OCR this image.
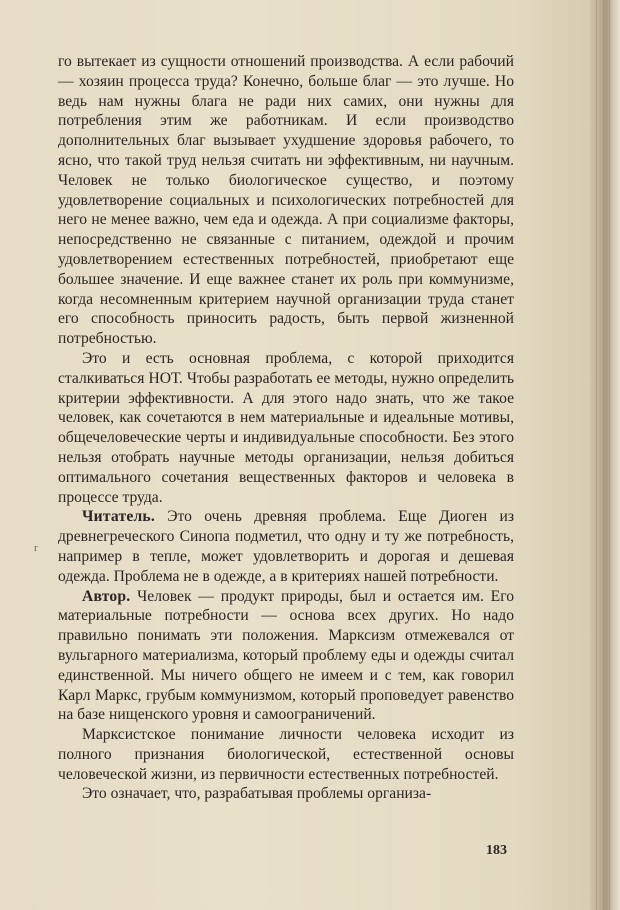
го вытекает из сущности отношений производства. А если рабочий — хозяин процесса труда? Конечно, больше благ — это лучше. Но ведь нам нужны блага не ради них самих, они нужны для потребления этим же работникам. И если производство дополнительных благ вызывает ухудшение здоровья рабочего, то ясно, что такой труд нельзя считать ни эффективным, ни научным. Человек не только биологическое существо, и поэтому удовлетворение социальных и психологических потребностей для него не менее важно, чем еда и одежда. А при социализме факторы, непосредственно не связанные с питанием, одеждой и прочим удовлетворением естественных потребностей, приобретают еще большее значение. И еще важнее станет их роль при коммунизме, когда несомненным критерием научной организации труда станет его способность приносить радость, быть первой жизненной потребностью.

Это и есть основная проблема, с которой приходится сталкиваться НОТ. Чтобы разработать ее методы, нужно определить критерии эффективности. А для этого надо знать, что же такое человек, как сочетаются в нем материальные и идеальные мотивы, общечеловеческие черты и индивидуальные способности. Без этого нельзя отобрать научные методы организации, нельзя добиться оптимального сочетания вещественных факторов и человека в процессе труда.

Читатель. Это очень древняя проблема. Еще Диоген из древнегреческого Синопа подметил, что одну и ту же потребность, например в тепле, может удовлетворить и дорогая и дешевая одежда. Проблема не в одежде, а в критериях нашей потребности.

Автор. Человек — продукт природы, был и остается им. Его материальные потребности — основа всех других. Но надо правильно понимать эти положения. Марксизм отмежевался от вульгарного материализма, который проблему еды и одежды считал единственной. Мы ничего общего не имеем и с тем, как говорил Карл Маркс, грубым коммунизмом, который проповедует равенство на базе нищенского уровня и самоограничений.

Марксистское понимание личности человека исходит из полного признания биологической, естественной основы человеческой жизни, из первичности естественных потребностей.

Это означает, что, разрабатывая проблемы организа-

r
183
